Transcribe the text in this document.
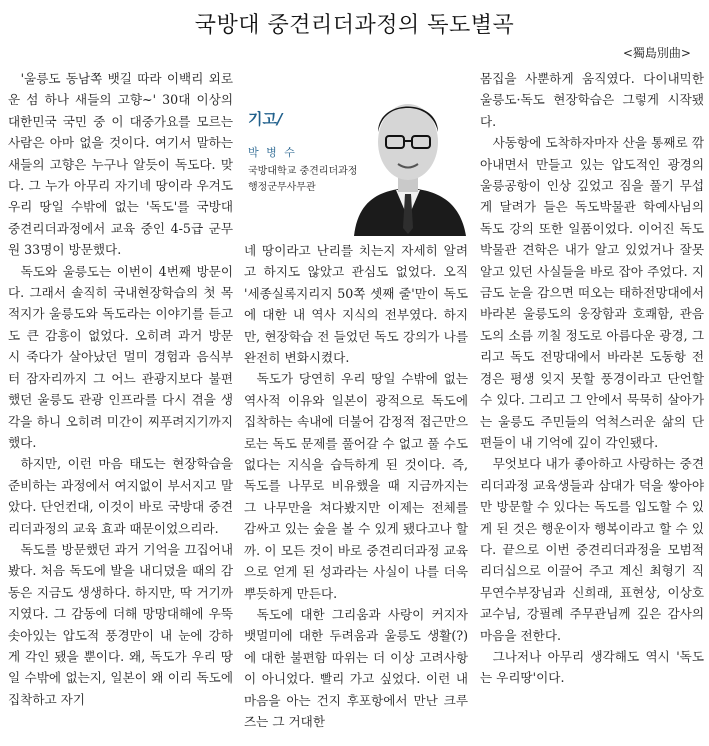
국방대 중견리더과정의 독도별곡
<獨島別曲>

'울릉도 동남쪽 뱃길 따라 이백리 외로운 섬 하나 새들의 고향~' 30대 이상의 대한민국 국민 중 이 대중가요를 모르는 사람은 아마 없을 것이다. 여기서 말하는 새들의 고향은 누구나 알듯이 독도다. 맞다. 그 누가 아무리 자기네 땅이라 우겨도 우리 땅일 수밖에 없는 '독도'를 국방대 중견리더과정에서 교육 중인 4-5급 군무원 33명이 방문했다.

독도와 울릉도는 이번이 4번째 방문이다. 그래서 솔직히 국내현장학습의 첫 목적지가 울릉도와 독도라는 이야기를 듣고도 큰 감흥이 없었다. 오히려 과거 방문 시 죽다가 살아났던 멀미 경험과 음식부터 잠자리까지 그 어느 관광지보다 불편했던 울릉도 관광 인프라를 다시 겪을 생각을 하니 오히려 미간이 찌푸려지기까지 했다.

하지만, 이런 마음 태도는 현장학습을 준비하는 과정에서 여지없이 부서지고 말았다. 단언컨대, 이것이 바로 국방대 중견리더과정의 교육 효과 때문이었으리라.

독도를 방문했던 과거 기억을 끄집어내봤다. 처음 독도에 발을 내디뎠을 때의 감동은 지금도 생생하다. 하지만, 딱 거기까지였다. 그 감동에 더해 망망대해에 우뚝 솟아있는 압도적 풍경만이 내 눈에 강하게 각인 됐을 뿐이다. 왜, 독도가 우리 땅 일 수밖에 없는지, 일본이 왜 이리 독도에 집착하고 자기

기고/
박 병 수
국방대학교 중견리더과정
행정군무사무관

네 땅이라고 난리를 치는지 자세히 알려고 하지도 않았고 관심도 없었다. 오직 '세종실록지리지 50쪽 셋째 줄'만이 독도에 대한 내 역사 지식의 전부였다. 하지만, 현장학습 전 들었던 독도 강의가 나를 완전히 변화시켰다.

독도가 당연히 우리 땅일 수밖에 없는 역사적 이유와 일본이 광적으로 독도에 집착하는 속내에 더불어 감정적 접근만으로는 독도 문제를 풀어갈 수 없고 풀 수도 없다는 지식을 습득하게 된 것이다. 즉, 독도를 나무로 비유했을 때 지금까지는 그 나무만을 쳐다봤지만 이제는 전체를 감싸고 있는 숲을 볼 수 있게 됐다고나 할까. 이 모든 것이 바로 중견리더과정 교육으로 얻게 된 성과라는 사실이 나를 더욱 뿌듯하게 만든다.

독도에 대한 그리움과 사랑이 커지자 뱃멀미에 대한 두려움과 울릉도 생활(?)에 대한 불편함 따위는 더 이상 고려사항이 아니었다. 빨리 가고 싶었다. 이런 내 마음을 아는 건지 후포항에서 만난 크루즈는 그 거대한

몸집을 사뿐하게 움직였다. 다이내믹한 울릉도·독도 현장학습은 그렇게 시작됐다.

사동항에 도착하자마자 산을 통째로 깎아내면서 만들고 있는 압도적인 광경의 울릉공항이 인상 깊었고 짐을 풀기 무섭게 달려가 들은 독도박물관 학예사님의 독도 강의 또한 일품이었다. 이어진 독도박물관 견학은 내가 알고 있었거나 잘못 알고 있던 사실들을 바로 잡아 주었다. 지금도 눈을 감으면 떠오는 태하전망대에서 바라본 울릉도의 웅장함과 호쾌함, 관음도의 소름 끼칠 정도로 아름다운 광경, 그리고 독도 전망대에서 바라본 도동항 전경은 평생 잊지 못할 풍경이라고 단언할 수 있다. 그리고 그 안에서 묵묵히 살아가는 울릉도 주민들의 억척스러운 삶의 단편들이 내 기억에 깊이 각인됐다.

무엇보다 내가 좋아하고 사랑하는 중견리더과정 교육생들과 삼대가 덕을 쌓아야만 방문할 수 있다는 독도를 입도할 수 있게 된 것은 행운이자 행복이라고 할 수 있다. 끝으로 이번 중견리더과정을 모범적 리더십으로 이끌어 주고 계신 최형기 직무연수부장님과 신희래, 표현상, 이상호 교수님, 강필례 주무관님께 깊은 감사의 마음을 전한다.

그나저나 아무리 생각해도 역시 '독도는 우리땅'이다.
